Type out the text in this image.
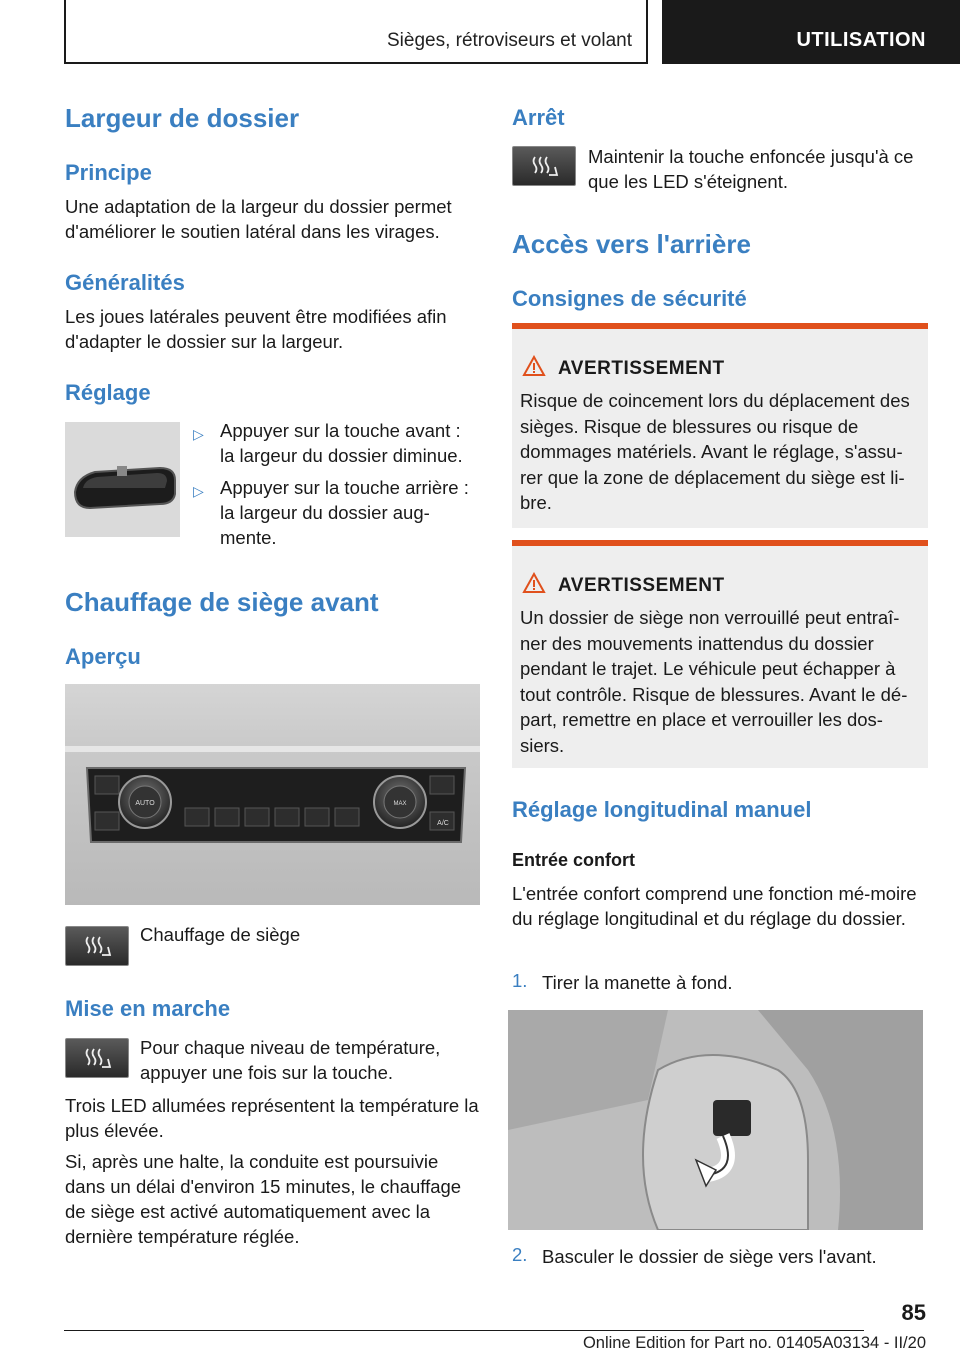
Sièges, rétroviseurs et volant	UTILISATION
Largeur de dossier
Principe

Une adaptation de la largeur du dossier permet d'améliorer le soutien latéral dans les virages.

Généralités

Les joues latérales peuvent être modifiées afin d'adapter le dossier sur la largeur.

Réglage
▷ Appuyer sur la touche avant : la largeur du dossier diminue.

▷ Appuyer sur la touche arrière : la largeur du dossier aug-mente.

Chauffage de siège avant
Aperçu
AUTO	MAX
A/C

Chauffage de siège

Mise en marche

Pour chaque niveau de température, appuyer une fois sur la touche.

Trois LED allumées représentent la température la plus élevée.

Si, après une halte, la conduite est poursuivie dans un délai d'environ 15 minutes, le chauffage de siège est activé automatiquement avec la dernière température réglée.

Arrêt

Maintenir la touche enfoncée jusqu'à ce que les LED s'éteignent.

Accès vers l'arrière
Consignes de sécurité
AVERTISSEMENT

Risque de coincement lors du déplacement des sièges. Risque de blessures ou risque de dommages matériels. Avant le réglage, s'assu-rer que la zone de déplacement du siège est li-bre.

AVERTISSEMENT

Un dossier de siège non verrouillé peut entraî-ner des mouvements inattendus du dossier pendant le trajet. Le véhicule peut échapper à tout contrôle. Risque de blessures. Avant le dé-part, remettre en place et verrouiller les dos-siers.

Réglage longitudinal manuel
Entrée confort

L'entrée confort comprend une fonction mé-moire du réglage longitudinal et du réglage du dossier.

1. Tirer la manette à fond.

2. Basculer le dossier de siège vers l'avant.

85
Online Edition for Part no. 01405A03134 - II/20
